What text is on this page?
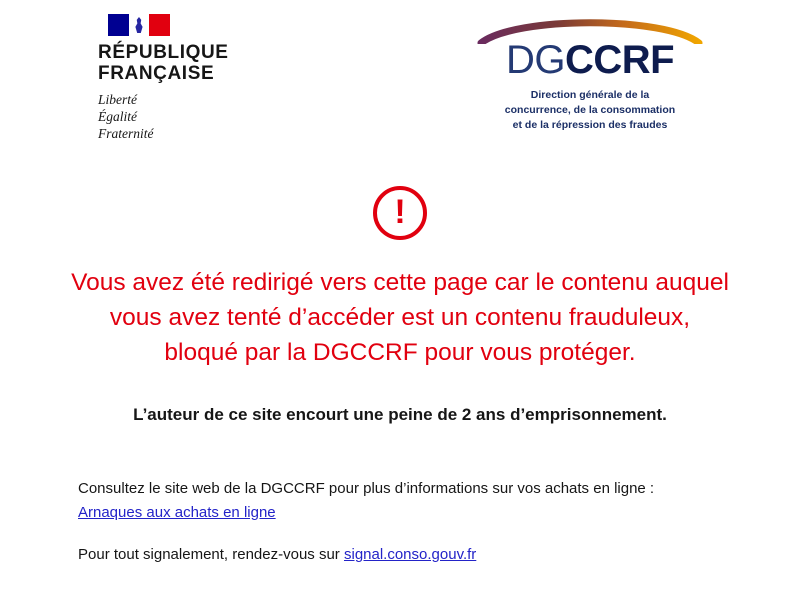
RÉPUBLIQUE
FRANÇAISE
Liberté
Égalité
Fraternité
DGCCRF
Direction générale de la
concurrence, de la consommation
et de la répression des fraudes
!
Vous avez été redirigé vers cette page car le contenu auquel vous avez tenté d’accéder est un contenu frauduleux, bloqué par la DGCCRF pour vous protéger.
L’auteur de ce site encourt une peine de 2 ans d’emprisonnement.

Consultez le site web de la DGCCRF pour plus d’informations sur vos achats en ligne :

Arnaques aux achats en ligne

Pour tout signalement, rendez-vous sur signal.conso.gouv.fr
